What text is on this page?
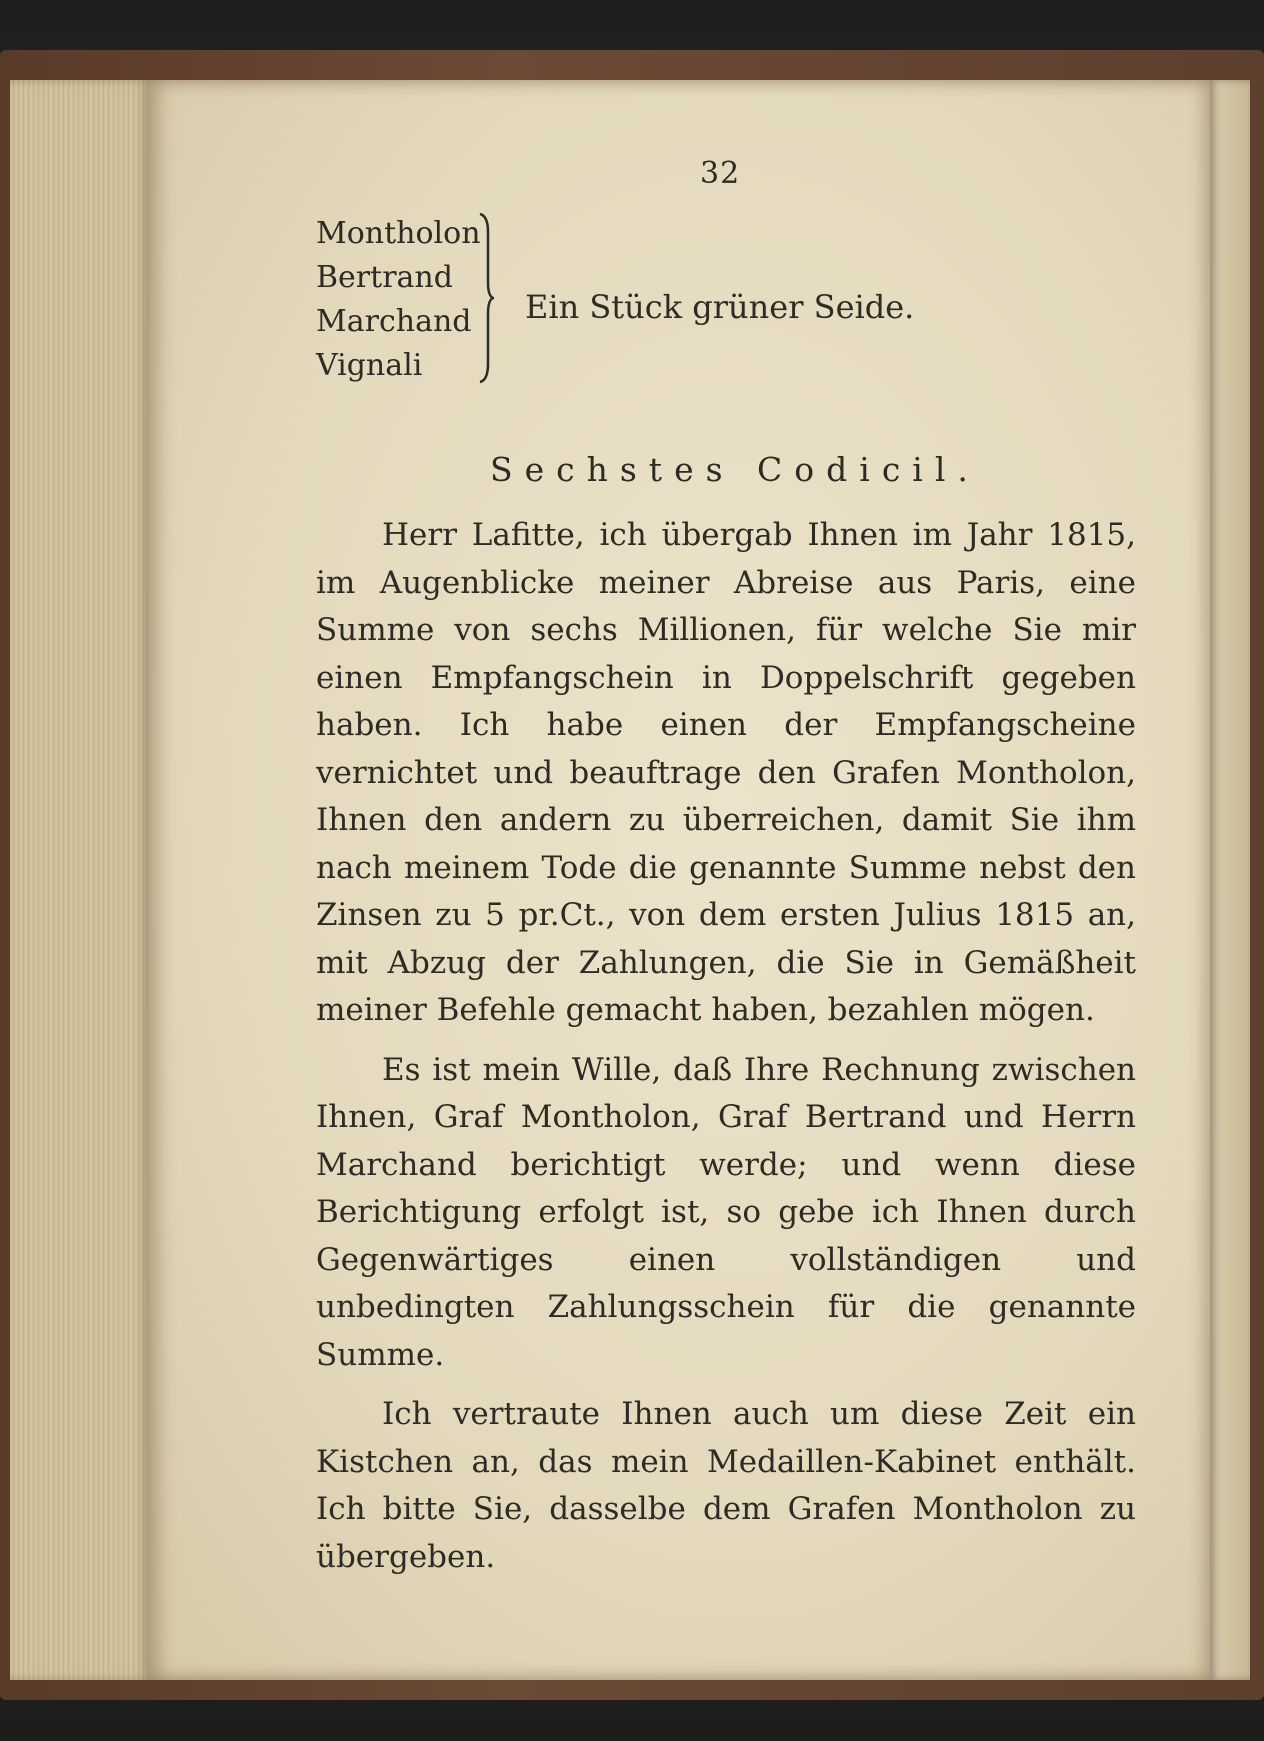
32
Montholon
Bertrand
Marchand
Vignali
Ein Stück grüner Seide.
Sechstes Codicil.

Herr Lafitte, ich übergab Ihnen im Jahr 1815, im Augenblicke meiner Abreise aus Paris, eine Summe von sechs Millionen, für welche Sie mir einen Empfangschein in Doppelschrift gegeben haben. Ich habe einen der Empfangscheine vernichtet und beauftrage den Grafen Montholon, Ihnen den andern zu überreichen, damit Sie ihm nach meinem Tode die genannte Summe nebst den Zinsen zu 5 pr.Ct., von dem ersten Julius 1815 an, mit Abzug der Zahlungen, die Sie in Gemäßheit meiner Befehle gemacht haben, bezahlen mögen.

Es ist mein Wille, daß Ihre Rechnung zwischen Ihnen, Graf Montholon, Graf Bertrand und Herrn Marchand berichtigt werde; und wenn diese Berichtigung erfolgt ist, so gebe ich Ihnen durch Gegenwärtiges einen vollständigen und unbedingten Zahlungsschein für die genannte Summe.

Ich vertraute Ihnen auch um diese Zeit ein Kistchen an, das mein Medaillen-Kabinet enthält. Ich bitte Sie, dasselbe dem Grafen Montholon zu übergeben.
